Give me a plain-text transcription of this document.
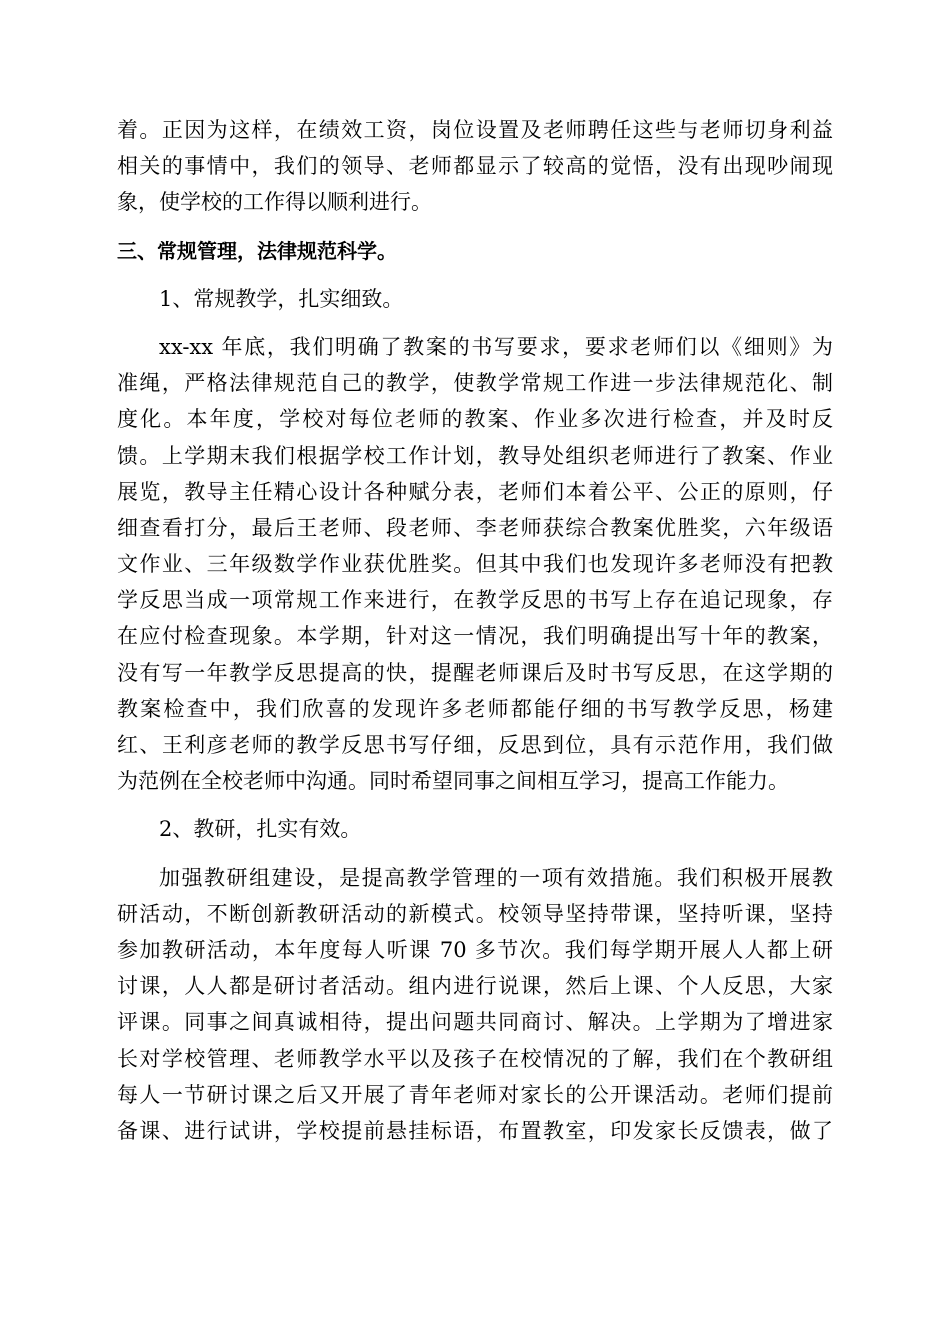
着。正因为这样，在绩效工资，岗位设置及老师聘任这些与老师切身利益
相关的事情中，我们的领导、老师都显示了较高的觉悟，没有出现吵闹现
象，使学校的工作得以顺利进行。
三、常规管理，法律规范科学。
1、常规教学，扎实细致。
xx-xx 年底，我们明确了教案的书写要求，要求老师们以《细则》为
准绳，严格法律规范自己的教学，使教学常规工作进一步法律规范化、制
度化。本年度，学校对每位老师的教案、作业多次进行检查，并及时反
馈。上学期末我们根据学校工作计划，教导处组织老师进行了教案、作业
展览，教导主任精心设计各种赋分表，老师们本着公平、公正的原则，仔
细查看打分，最后王老师、段老师、李老师获综合教案优胜奖，六年级语
文作业、三年级数学作业获优胜奖。但其中我们也发现许多老师没有把教
学反思当成一项常规工作来进行，在教学反思的书写上存在追记现象，存
在应付检查现象。本学期，针对这一情况，我们明确提出写十年的教案，
没有写一年教学反思提高的快，提醒老师课后及时书写反思，在这学期的
教案检查中，我们欣喜的发现许多老师都能仔细的书写教学反思，杨建
红、王利彦老师的教学反思书写仔细，反思到位，具有示范作用，我们做
为范例在全校老师中沟通。同时希望同事之间相互学习，提高工作能力。
2、教研，扎实有效。
加强教研组建设，是提高教学管理的一项有效措施。我们积极开展教
研活动，不断创新教研活动的新模式。校领导坚持带课，坚持听课，坚持
参加教研活动，本年度每人听课 70 多节次。我们每学期开展人人都上研
讨课，人人都是研讨者活动。组内进行说课，然后上课、个人反思，大家
评课。同事之间真诚相待，提出问题共同商讨、解决。上学期为了增进家
长对学校管理、老师教学水平以及孩子在校情况的了解，我们在个教研组
每人一节研讨课之后又开展了青年老师对家长的公开课活动。老师们提前
备课、进行试讲，学校提前悬挂标语，布置教室，印发家长反馈表，做了
